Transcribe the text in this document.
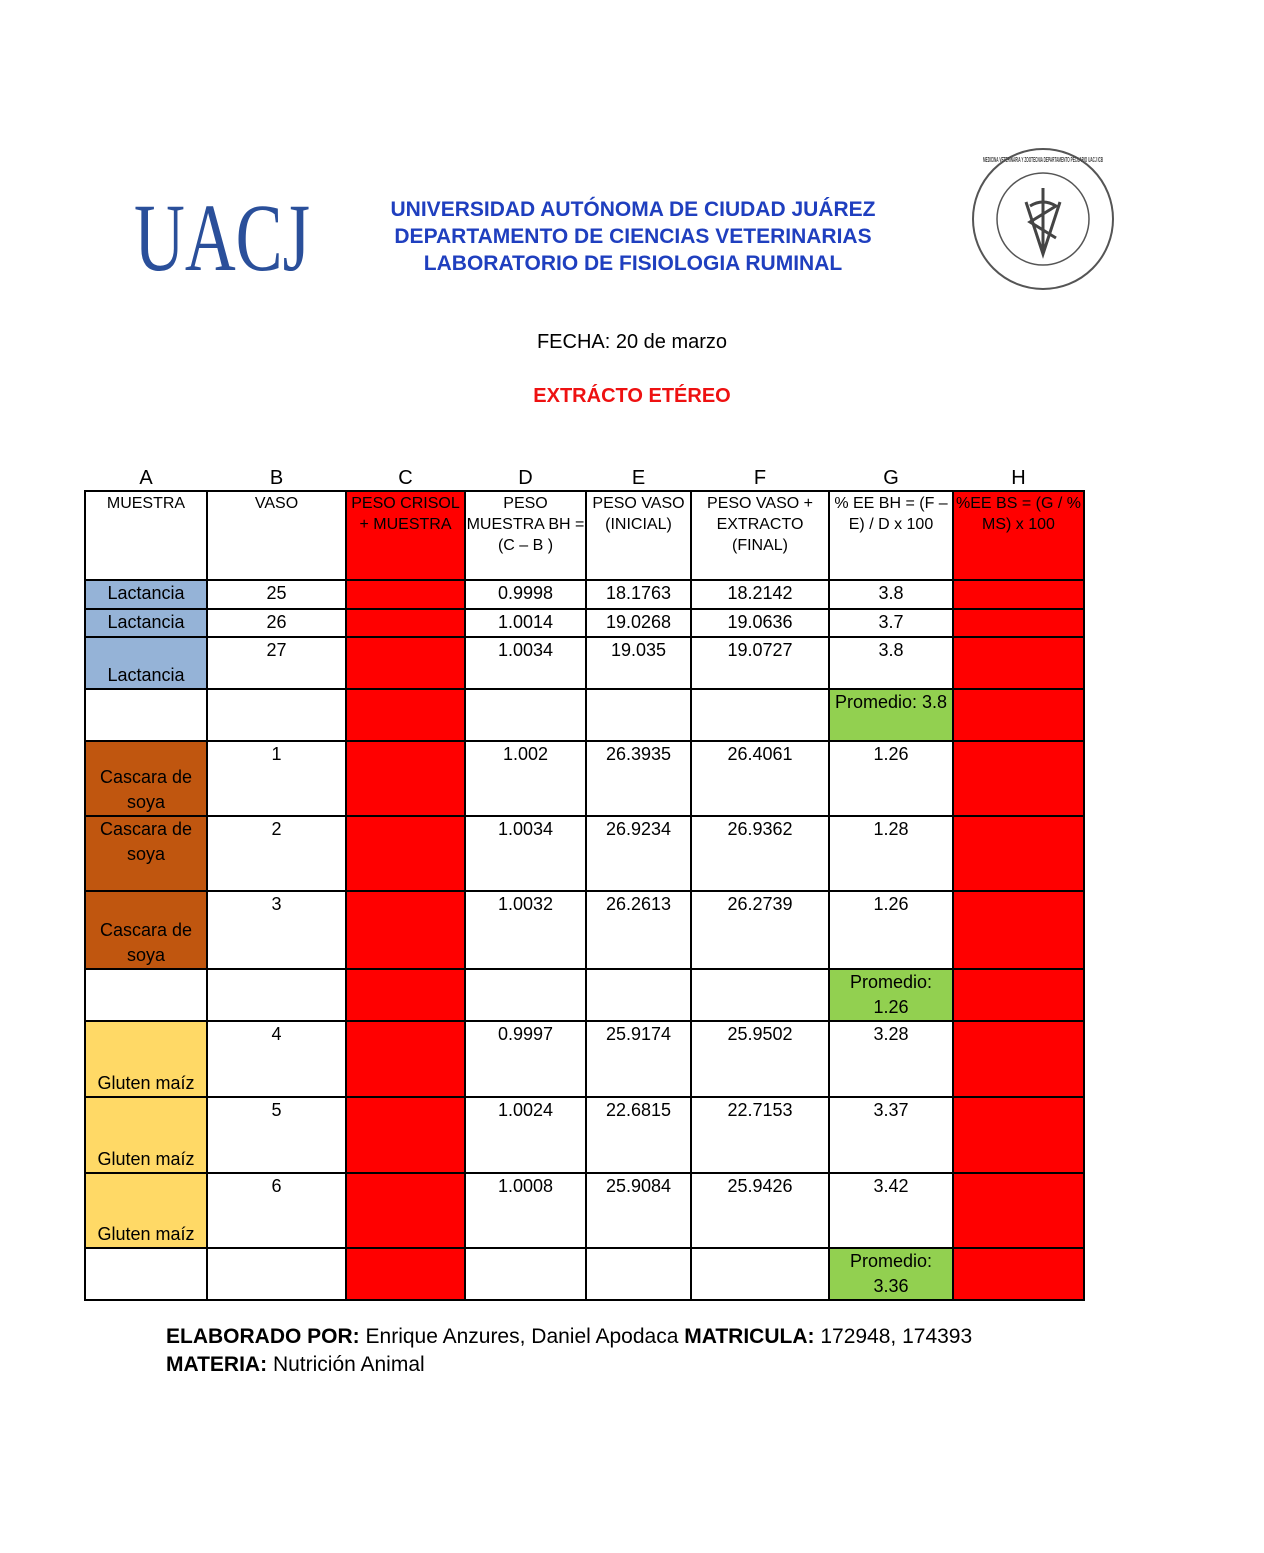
UACJ	UNIVERSIDAD AUTÓNOMA DE CIUDAD JUÁREZ
DEPARTAMENTO DE CIENCIAS VETERINARIAS
LABORATORIO DE FISIOLOGIA RUMINAL
MEDICINA VETERINARIA Y ZOOTECNIA DEPARTAMENTO PECUARIO UACJ ICB
FECHA: 20 de marzo
EXTRÁCTO ETÉREO
A	B	C	D	E	F	G	H
MUESTRA	VASO	PESO CRISOL + MUESTRA	PESO MUESTRA BH = (C – B )	PESO VASO (INICIAL)	PESO VASO + EXTRACTO (FINAL)	% EE BH = (F – E) / D x 100	%EE BS = (G / % MS) x 100
Lactancia	25		0.9998	18.1763	18.2142	3.8	
Lactancia	26		1.0014	19.0268	19.0636	3.7	
Lactancia	27		1.0034	19.035	19.0727	3.8	
						Promedio: 3.8	
Cascara de soya	1		1.002	26.3935	26.4061	1.26	
Cascara de soya	2		1.0034	26.9234	26.9362	1.28	
Cascara de soya	3		1.0032	26.2613	26.2739	1.26	
						Promedio: 1.26	
Gluten maíz	4		0.9997	25.9174	25.9502	3.28	
Gluten maíz	5		1.0024	22.6815	22.7153	3.37	
Gluten maíz	6		1.0008	25.9084	25.9426	3.42	
						Promedio: 3.36	
ELABORADO POR: Enrique Anzures, Daniel Apodaca MATRICULA: 172948, 174393
MATERIA: Nutrición Animal
